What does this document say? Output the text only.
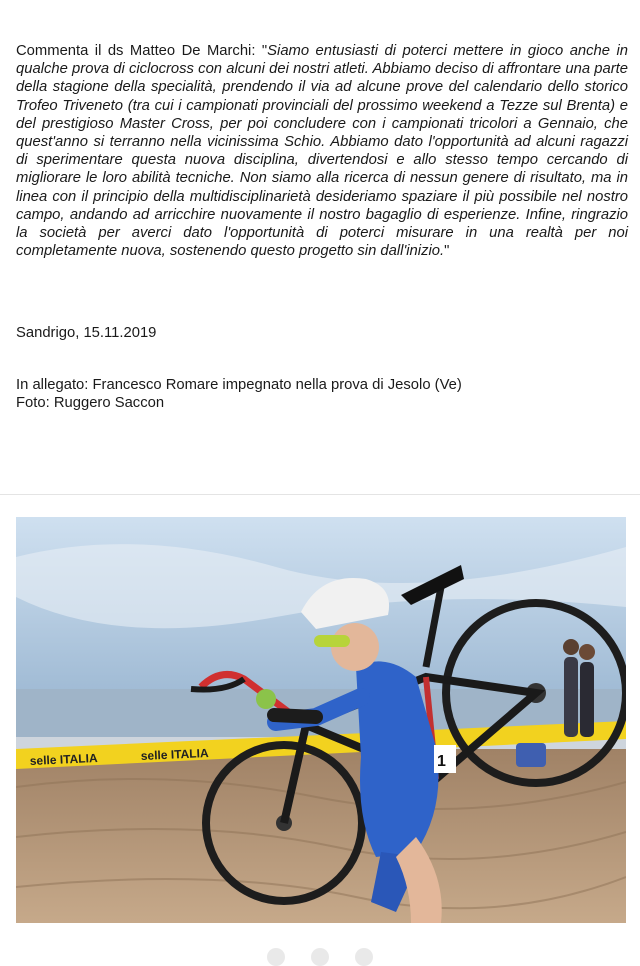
Commenta il ds Matteo De Marchi: "Siamo entusiasti di poterci mettere in gioco anche in qualche prova di ciclocross con alcuni dei nostri atleti. Abbiamo deciso di affrontare una parte della stagione della specialità, prendendo il via ad alcune prove del calendario dello storico Trofeo Triveneto (tra cui i campionati provinciali del prossimo weekend a Tezze sul Brenta) e del prestigioso Master Cross, per poi concludere con i campionati tricolori a Gennaio, che quest'anno si terranno nella vicinissima Schio. Abbiamo dato l'opportunità ad alcuni ragazzi di sperimentare questa nuova disciplina, divertendosi e allo stesso tempo cercando di migliorare le loro abilità tecniche. Non siamo alla ricerca di nessun genere di risultato, ma in linea con il principio della multidisciplinarietà desideriamo spaziare il più possibile nel nostro campo, andando ad arricchire nuovamente il nostro bagaglio di esperienze. Infine, ringrazio la società per averci dato l'opportunità di poterci misurare in una realtà per noi completamente nuova, sostenendo questo progetto sin dall'inizio."
Sandrigo, 15.11.2019
In allegato: Francesco Romare impegnato nella prova di Jesolo (Ve)
Foto: Ruggero Saccon
selle ITALIA	selle ITALIA	1
